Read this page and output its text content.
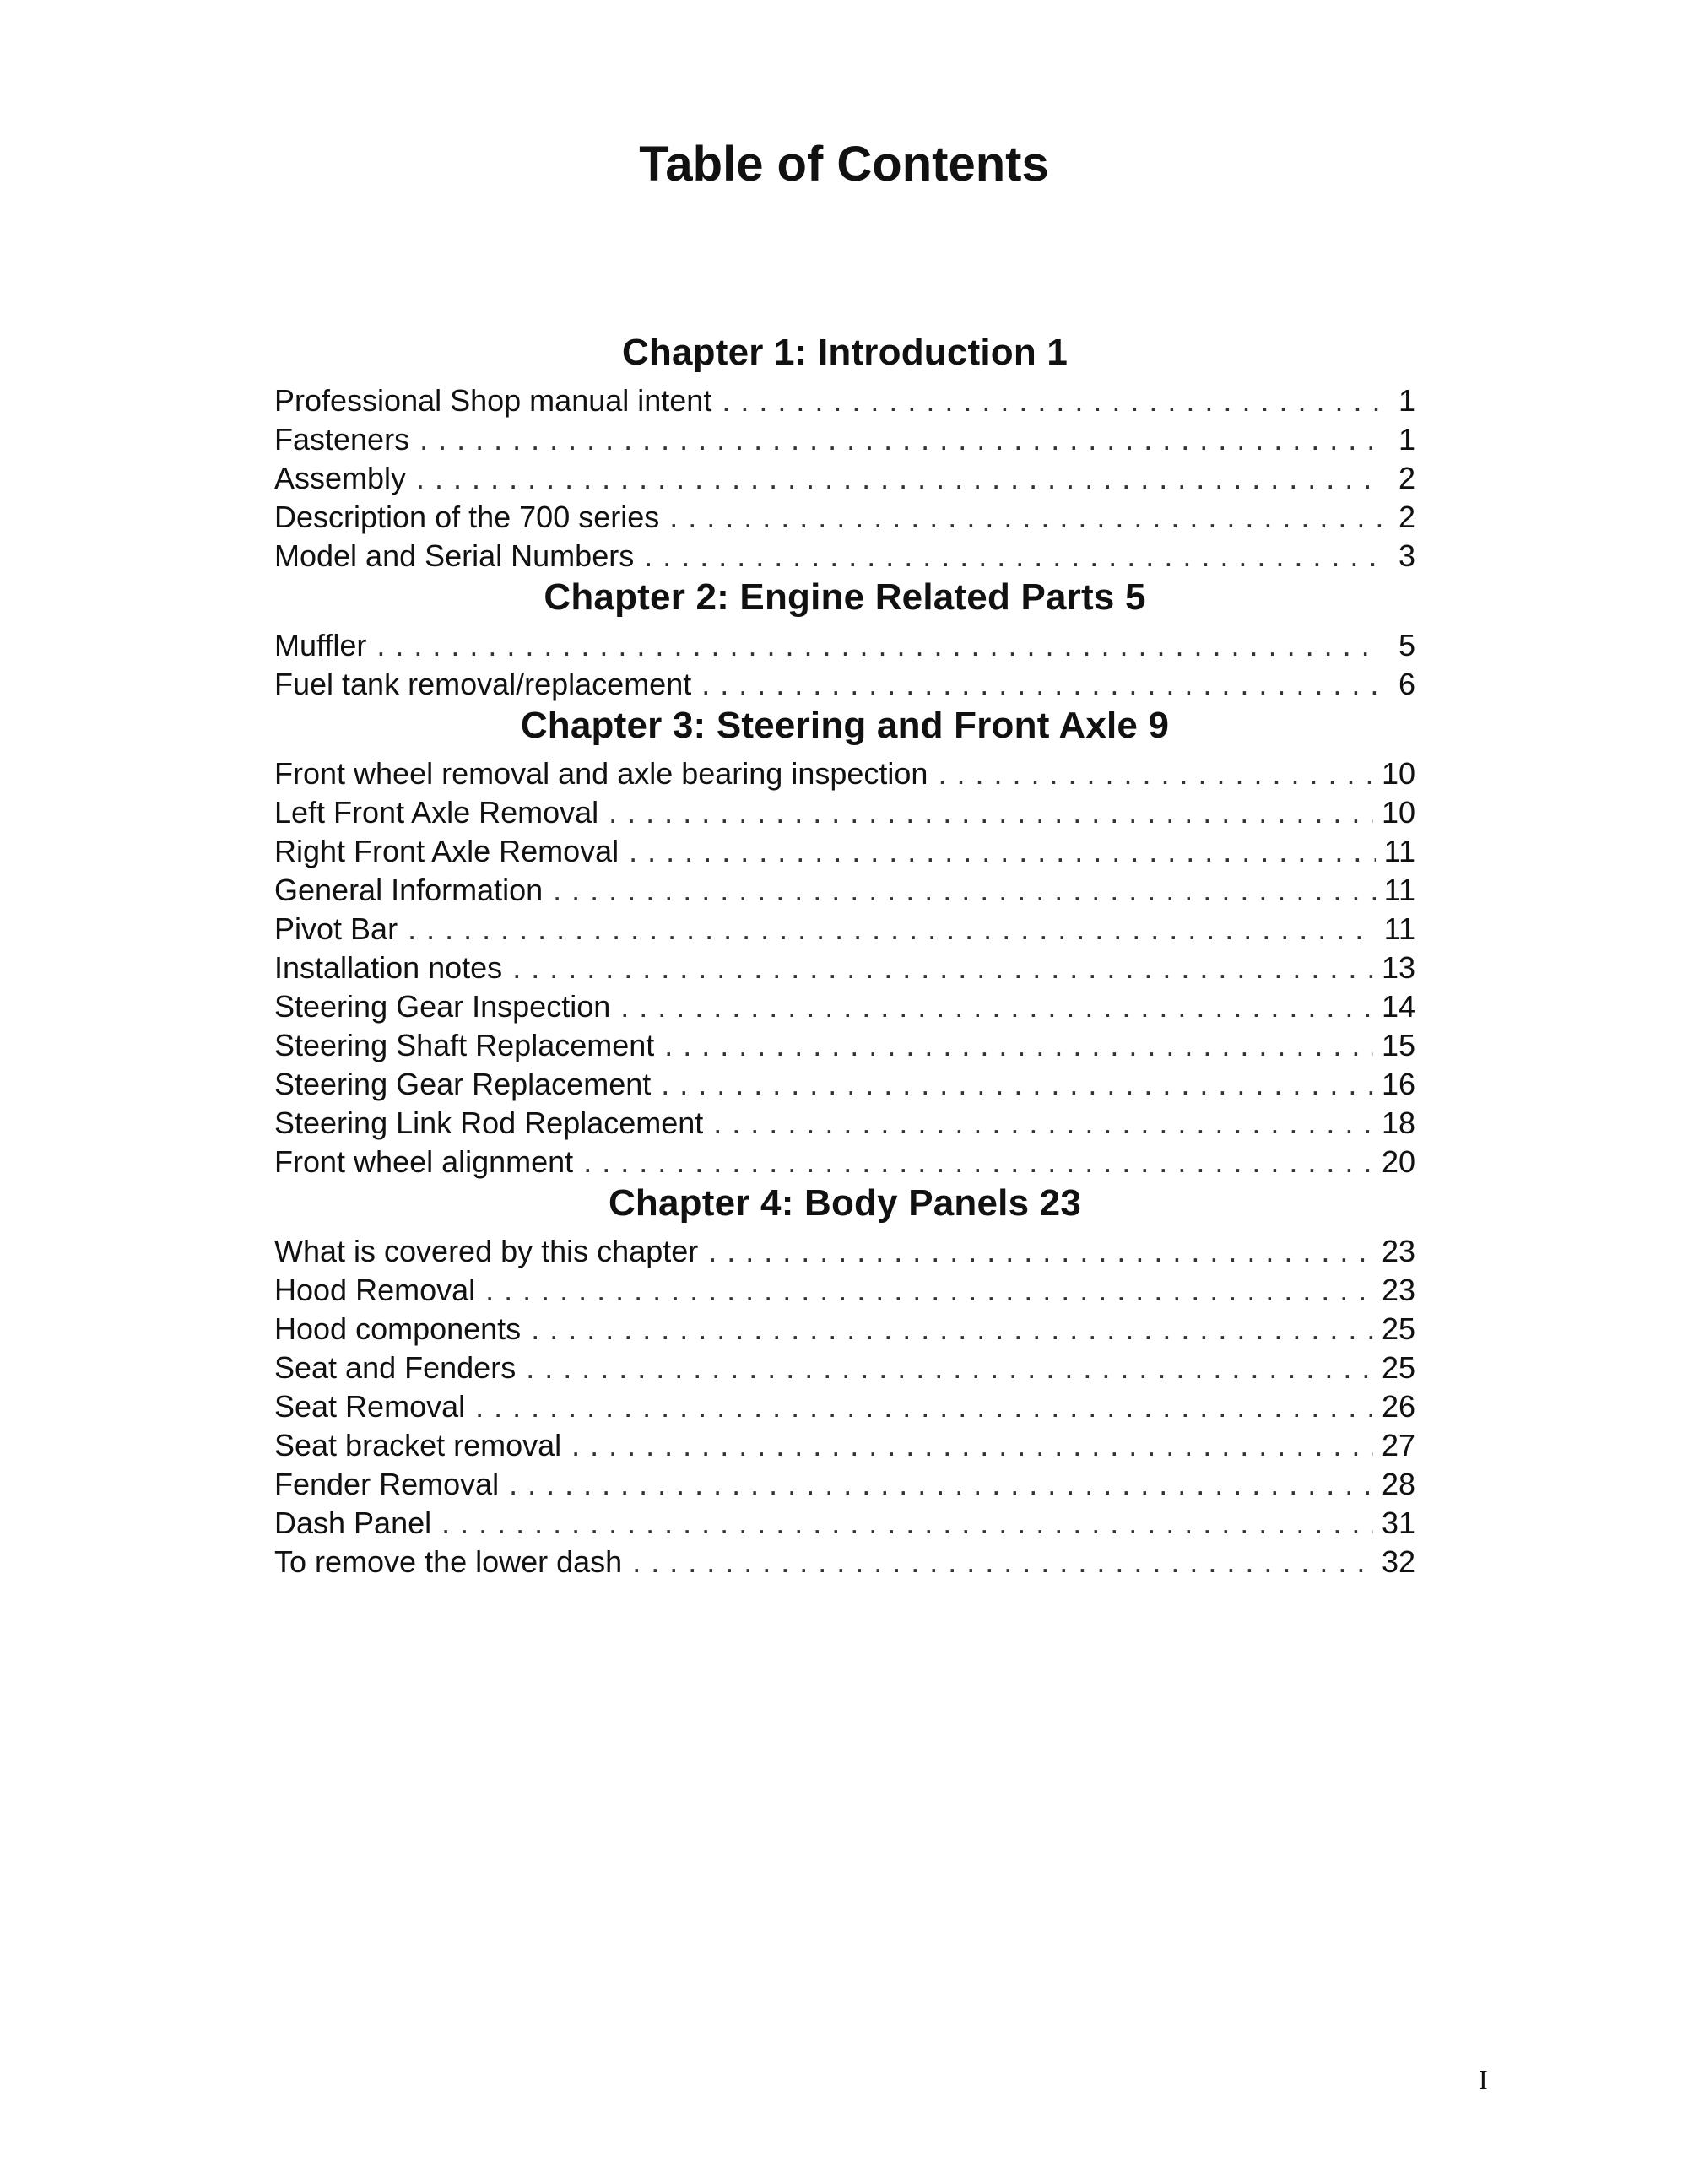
Table of Contents
Chapter 1: Introduction 1
Professional Shop manual intent . . .	1
Fasteners . . .	1
Assembly . . .	2
Description of the 700 series . . .	2
Model and Serial Numbers . . .	3
Chapter 2: Engine Related Parts 5
Muffler . . .	5
Fuel tank removal/replacement . . .	6
Chapter 3: Steering and Front Axle 9
Front wheel removal and axle bearing inspection . . .	10
Left Front Axle Removal . . .	10
Right Front Axle Removal . . .	11
General Information . . .	11
Pivot Bar . . .	11
Installation notes . . .	13
Steering Gear Inspection . . .	14
Steering Shaft Replacement . . .	15
Steering Gear Replacement . . .	16
Steering Link Rod Replacement . . .	18
Front wheel alignment . . .	20
Chapter 4: Body Panels 23
What is covered by this chapter . . .	23
Hood Removal . . .	23
Hood components . . .	25
Seat and Fenders . . .	25
Seat Removal . . .	26
Seat bracket removal . . .	27
Fender Removal . . .	28
Dash Panel . . .	31
To remove the lower dash . . .	32

I
